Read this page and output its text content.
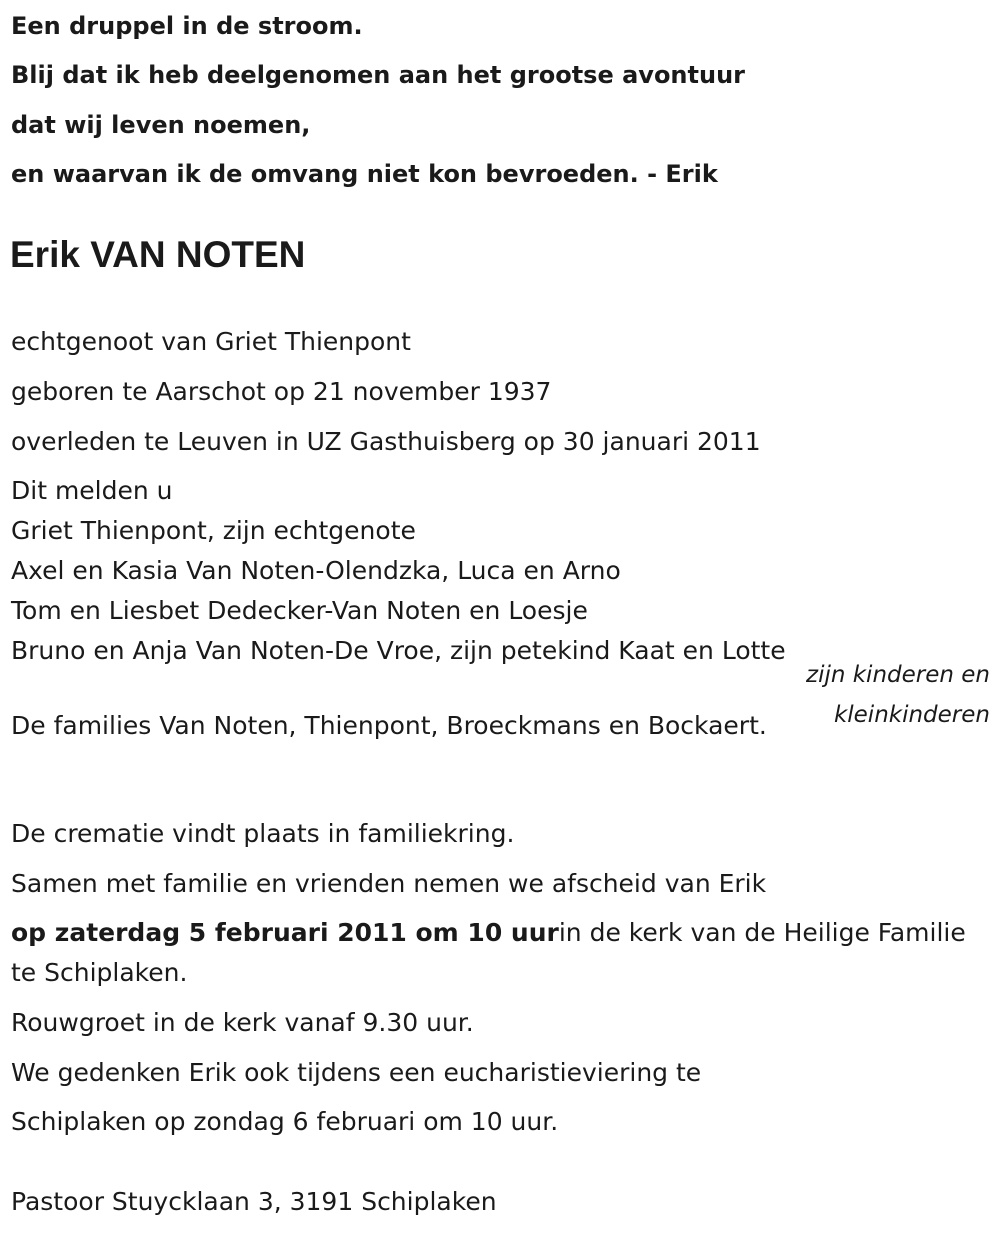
Een druppel in de stroom.
Blij dat ik heb deelgenomen aan het grootse avontuur
dat wij leven noemen,
en waarvan ik de omvang niet kon bevroeden. - Erik
Erik VAN NOTEN
echtgenoot van Griet Thienpont
geboren te Aarschot op 21 november 1937
overleden te Leuven in UZ Gasthuisberg op 30 januari 2011
Dit melden u
Griet Thienpont, zijn echtgenote
Axel en Kasia Van Noten-Olendzka, Luca en Arno
Tom en Liesbet Dedecker-Van Noten en Loesje
Bruno en Anja Van Noten-De Vroe, zijn petekind Kaat en Lotte
zijn kinderen en
kleinkinderen
De families Van Noten, Thienpont, Broeckmans en Bockaert.
De crematie vindt plaats in familiekring.
Samen met familie en vrienden nemen we afscheid van Erik
op zaterdag 5 februari 2011 om 10 uurin de kerk van de Heilige Familie
te Schiplaken.
Rouwgroet in de kerk vanaf 9.30 uur.
We gedenken Erik ook tijdens een eucharistieviering te
Schiplaken op zondag 6 februari om 10 uur.
Pastoor Stuycklaan 3, 3191 Schiplaken
